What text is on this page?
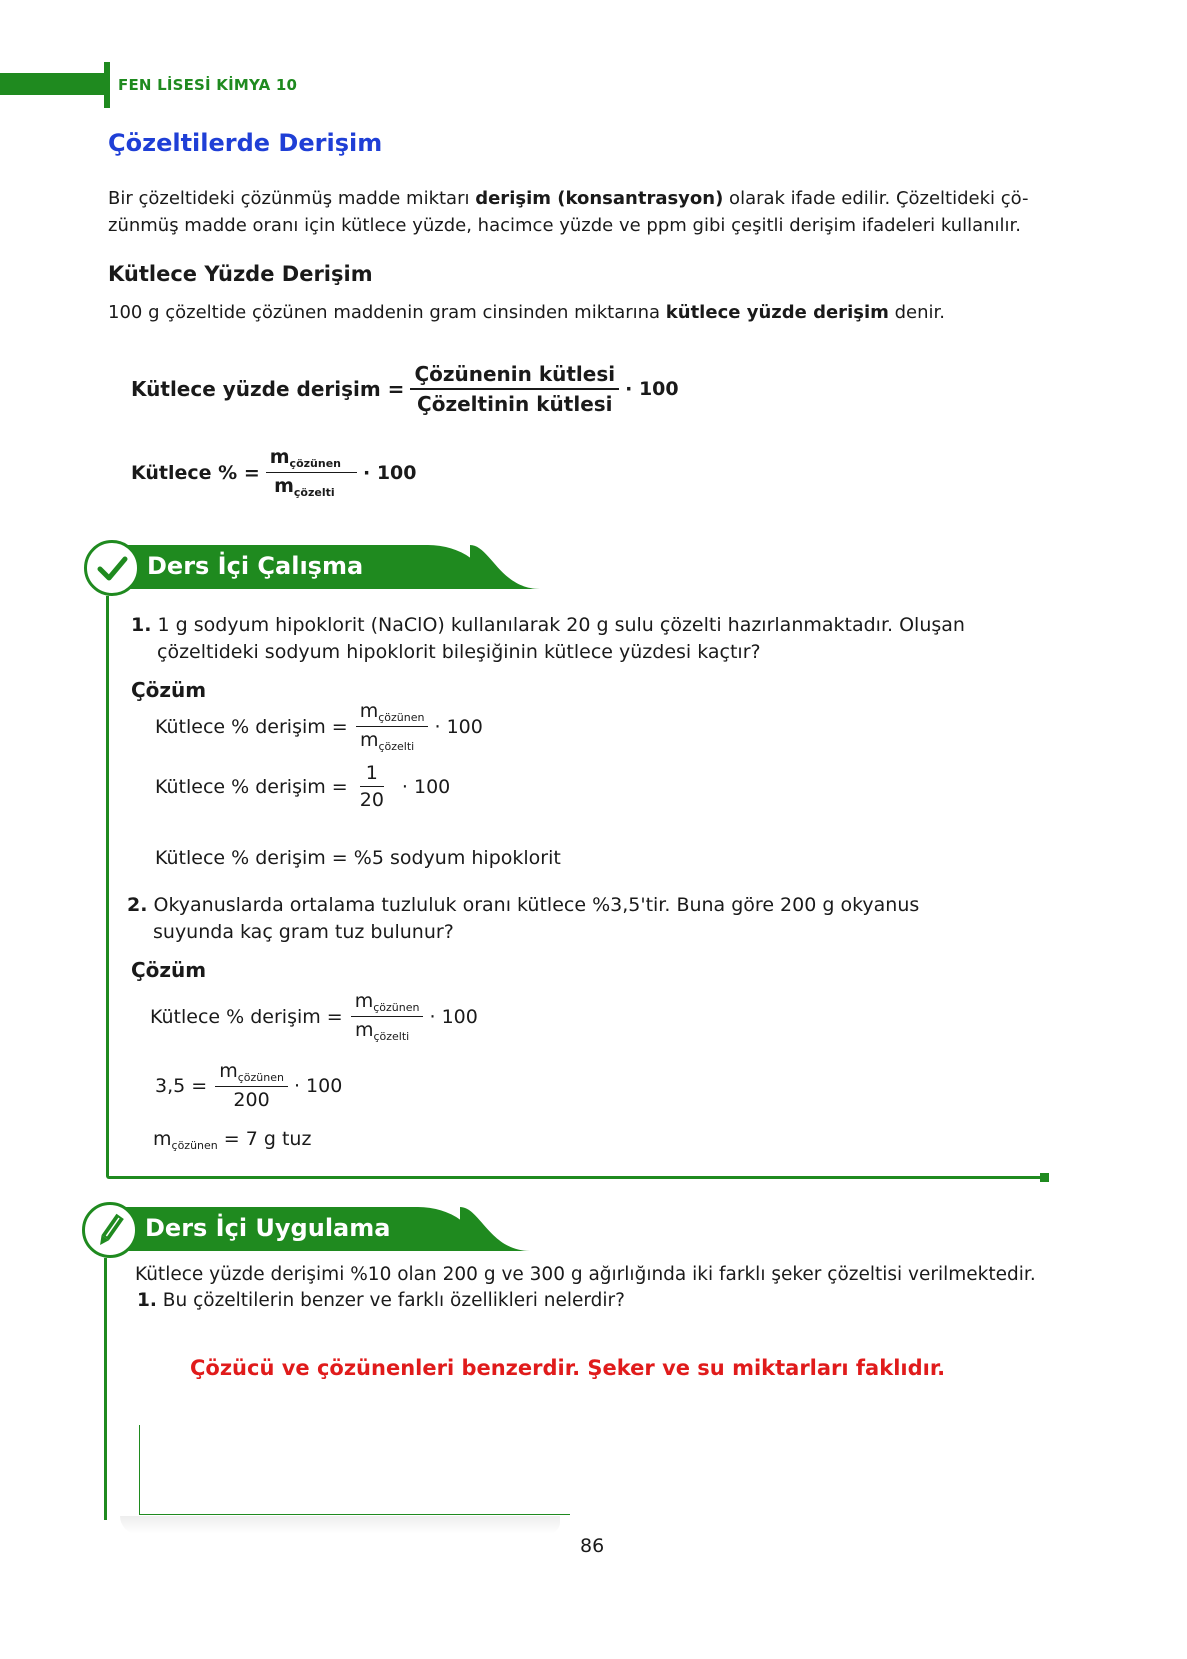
FEN LİSESİ KİMYA 10
Çözeltilerde Derişim
Bir çözeltideki çözünmüş madde miktarı derişim (konsantrasyon) olarak ifade edilir. Çözeltideki çö-
zünmüş madde oranı için kütlece yüzde, hacimce yüzde ve ppm gibi çeşitli derişim ifadeleri kullanılır.
Kütlece Yüzde Derişim
100 g çözeltide çözünen maddenin gram cinsinden miktarına kütlece yüzde derişim denir.
Kütlece yüzde derişim = $\frac{\text{Çözünenin kütlesi}}{\text{Çözeltinin kütlesi}} \cdot 100$
Kütlece % = $\frac{m_{çözünen}}{m_{çözelti}} \cdot 100$
Ders İçi Çalışma
1. 1 g sodyum hipoklorit (NaClO) kullanılarak 20 g sulu çözelti hazırlanmaktadır. Oluşan
çözeltideki sodyum hipoklorit bileşiğinin kütlece yüzdesi kaçtır?
Çözüm
Kütlece % derişim = $\frac{m_{çözünen}}{m_{çözelti}} \cdot 100$
Kütlece % derişim = $\frac{1}{20} \cdot 100$
Kütlece % derişim = %5 sodyum hipoklorit
2. Okyanuslarda ortalama tuzluluk oranı kütlece %3,5'tir. Buna göre 200 g okyanus
suyunda kaç gram tuz bulunur?
Çözüm
Kütlece % derişim = $\frac{m_{çözünen}}{m_{çözelti}} \cdot 100$
$3,5 = \frac{m_{çözünen}}{200} \cdot 100$
$m_{çözünen} = 7$ g tuz
Ders İçi Uygulama
Kütlece yüzde derişimi %10 olan 200 g ve 300 g ağırlığında iki farklı şeker çözeltisi verilmektedir.
1. Bu çözeltilerin benzer ve farklı özellikleri nelerdir?
Çözücü ve çözünenleri benzerdir. Şeker ve su miktarları faklıdır.
86
